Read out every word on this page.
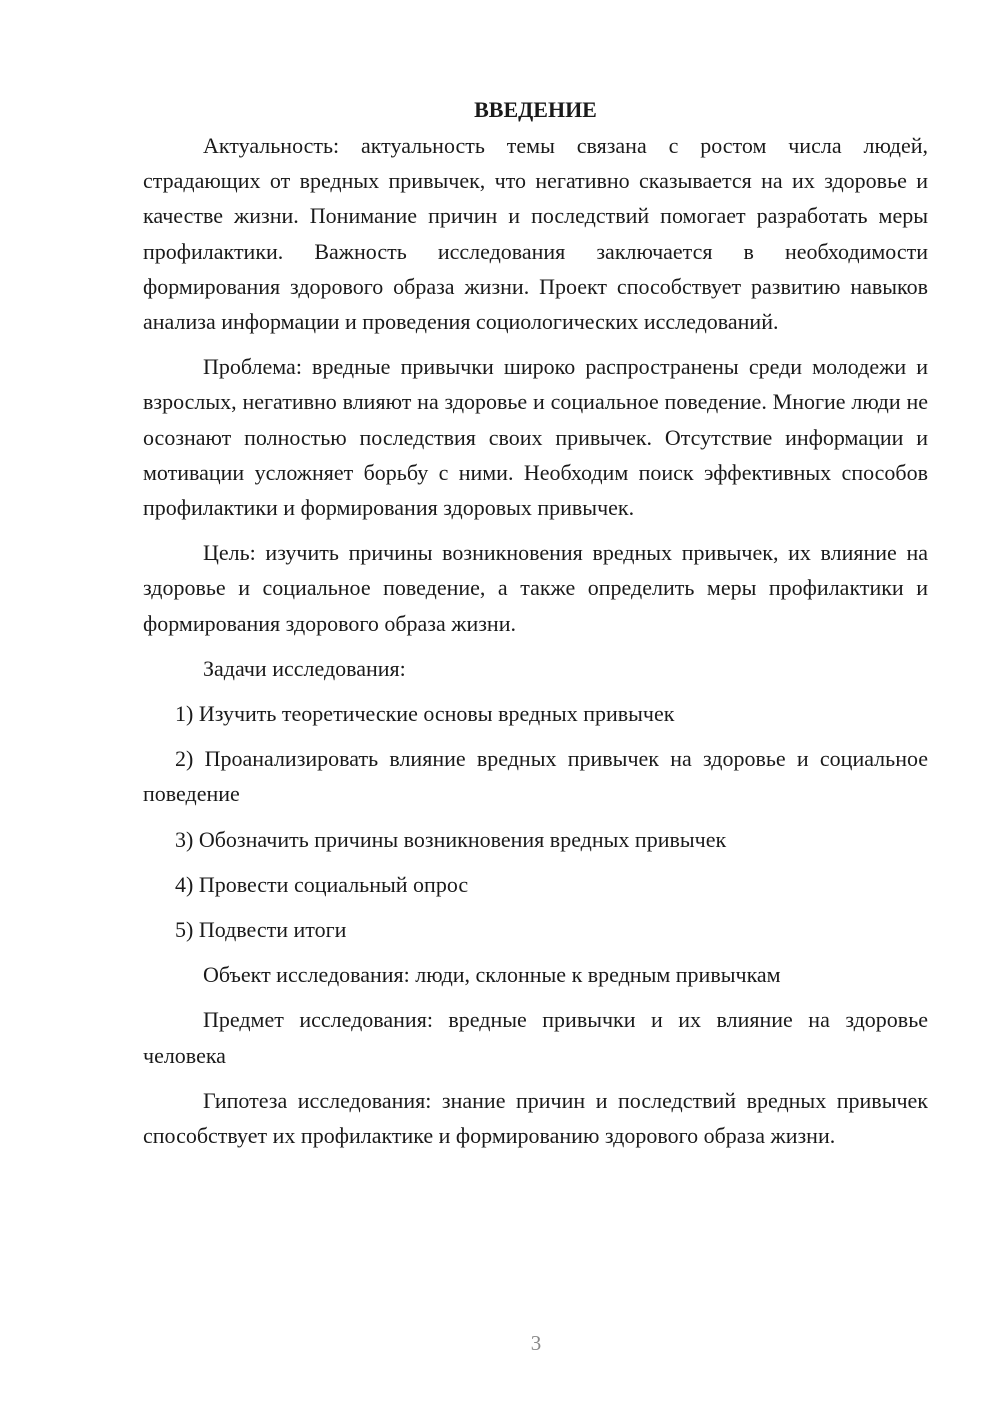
ВВЕДЕНИЕ

Актуальность: актуальность темы связана с ростом числа людей, страдающих от вредных привычек, что негативно сказывается на их здоровье и качестве жизни. Понимание причин и последствий помогает разработать меры профилактики. Важность исследования заключается в необходимости формирования здорового образа жизни. Проект способствует развитию навыков анализа информации и проведения социологических исследований.

Проблема: вредные привычки широко распространены среди молодежи и взрослых, негативно влияют на здоровье и социальное поведение. Многие люди не осознают полностью последствия своих привычек. Отсутствие информации и мотивации усложняет борьбу с ними. Необходим поиск эффективных способов профилактики и формирования здоровых привычек.

Цель: изучить причины возникновения вредных привычек, их влияние на здоровье и социальное поведение, а также определить меры профилактики и формирования здорового образа жизни.

Задачи исследования:

1) Изучить теоретические основы вредных привычек

2) Проанализировать влияние вредных привычек на здоровье и социальное поведение

3) Обозначить причины возникновения вредных привычек

4) Провести социальный опрос

5) Подвести итоги

Объект исследования: люди, склонные к вредным привычкам

Предмет исследования: вредные привычки и их влияние на здоровье человека

Гипотеза исследования: знание причин и последствий вредных привычек способствует их профилактике и формированию здорового образа жизни.

3
